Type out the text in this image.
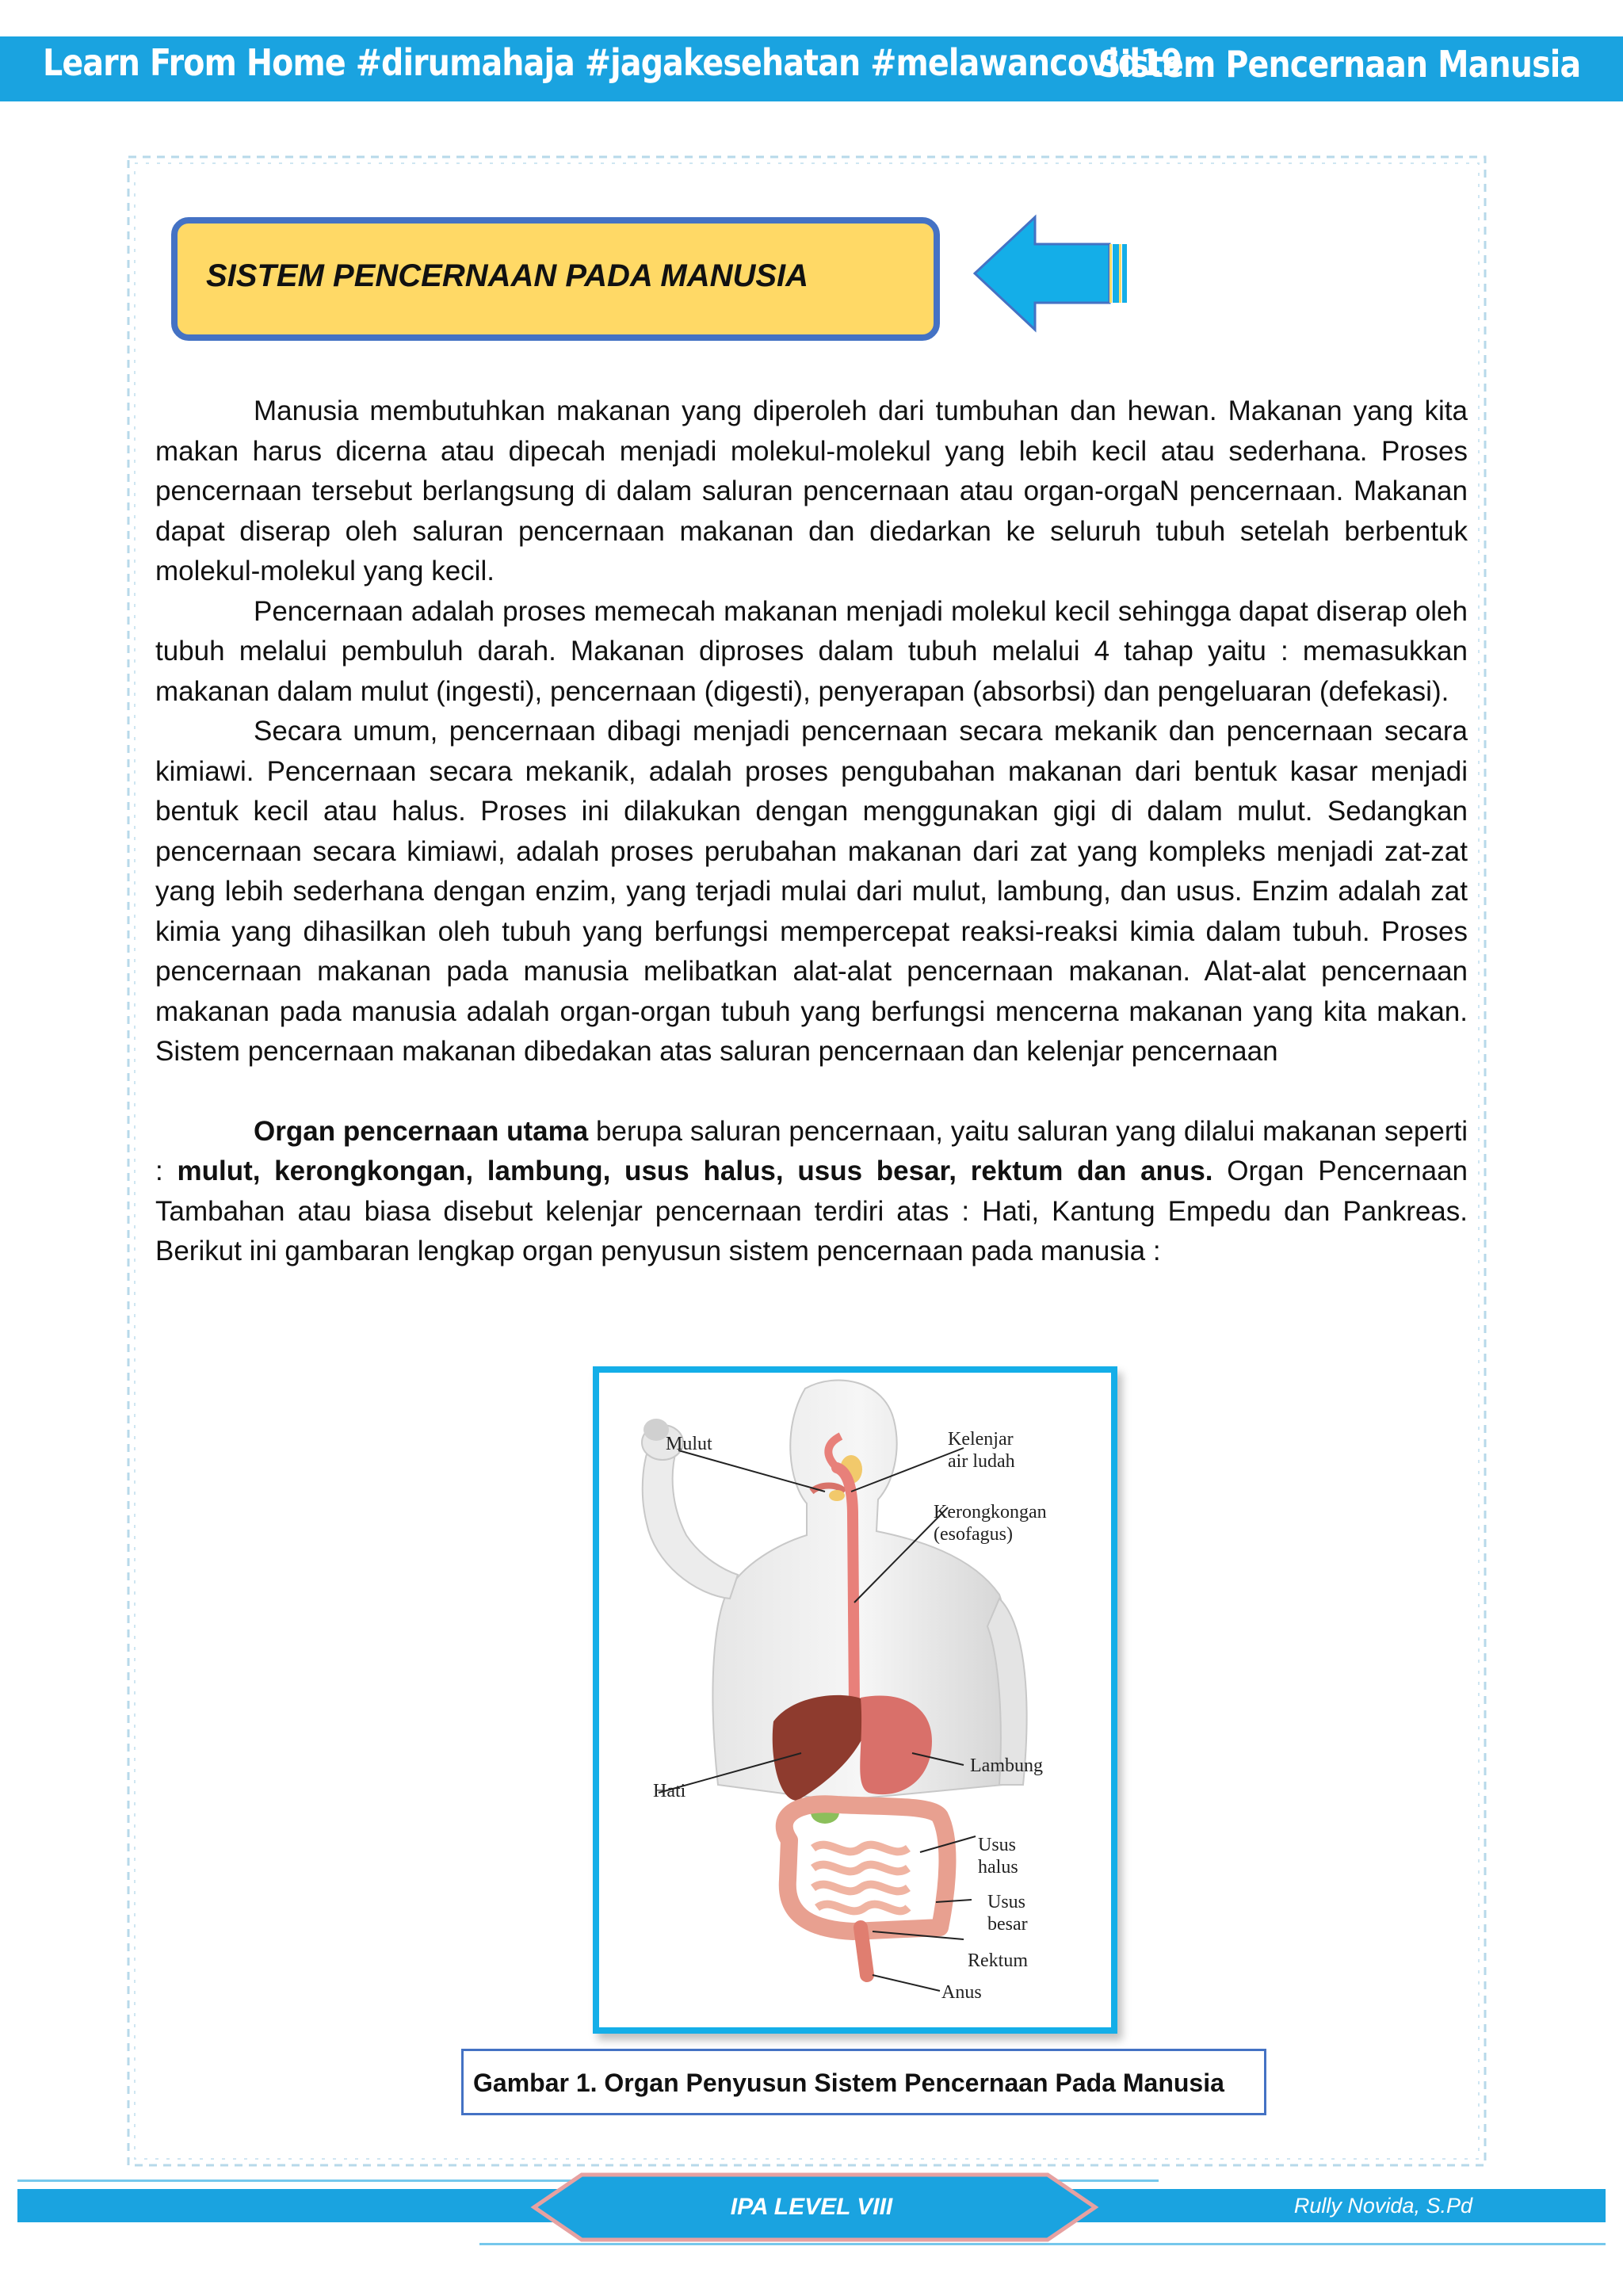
Learn From Home #dirumahaja #jagakesehatan #melawancovid19
Sistem Pencernaan Manusia
SISTEM PENCERNAAN PADA MANUSIA

Manusia membutuhkan makanan yang diperoleh dari tumbuhan dan hewan. Makanan yang kita makan harus dicerna atau dipecah menjadi molekul-molekul yang lebih kecil atau sederhana. Proses pencernaan tersebut berlangsung di dalam saluran pencernaan atau organ-orgaN pencernaan. Makanan dapat diserap oleh saluran pencernaan makanan dan diedarkan ke seluruh tubuh setelah berbentuk molekul-molekul yang kecil.

Pencernaan adalah proses memecah makanan menjadi molekul kecil sehingga dapat diserap oleh tubuh melalui pembuluh darah. Makanan diproses dalam tubuh melalui 4 tahap yaitu : memasukkan makanan dalam mulut (ingesti), pencernaan (digesti), penyerapan (absorbsi) dan pengeluaran (defekasi).

Secara umum, pencernaan dibagi menjadi pencernaan secara mekanik dan pencernaan secara kimiawi. Pencernaan secara mekanik, adalah proses pengubahan makanan dari bentuk kasar menjadi bentuk kecil atau halus. Proses ini dilakukan dengan menggunakan gigi di dalam mulut. Sedangkan pencernaan secara kimiawi, adalah proses perubahan makanan dari zat yang kompleks menjadi zat-zat yang lebih sederhana dengan enzim, yang terjadi mulai dari mulut, lambung, dan usus. Enzim adalah zat kimia yang dihasilkan oleh tubuh yang berfungsi mempercepat reaksi-reaksi kimia dalam tubuh. Proses pencernaan makanan pada manusia melibatkan alat-alat pencernaan makanan. Alat-alat pencernaan makanan pada manusia adalah organ-organ tubuh yang berfungsi mencerna makanan yang kita makan. Sistem pencernaan makanan dibedakan atas saluran pencernaan dan kelenjar pencernaan

Organ pencernaan utama berupa saluran pencernaan, yaitu saluran yang dilalui makanan seperti : mulut, kerongkongan, lambung, usus halus, usus besar, rektum dan anus. Organ Pencernaan Tambahan atau biasa disebut kelenjar pencernaan terdiri atas : Hati, Kantung Empedu dan Pankreas. Berikut ini gambaran lengkap organ penyusun sistem pencernaan pada manusia :

Mulut	Kelenjar
air ludah
Kerongkongan
(esofagus)
Hati
Lambung
Usus
halus
Usus
besar
Rektum
Anus
Gambar 1. Organ Penyusun Sistem Pencernaan Pada Manusia
IPA LEVEL VIII	Rully Novida, S.Pd
